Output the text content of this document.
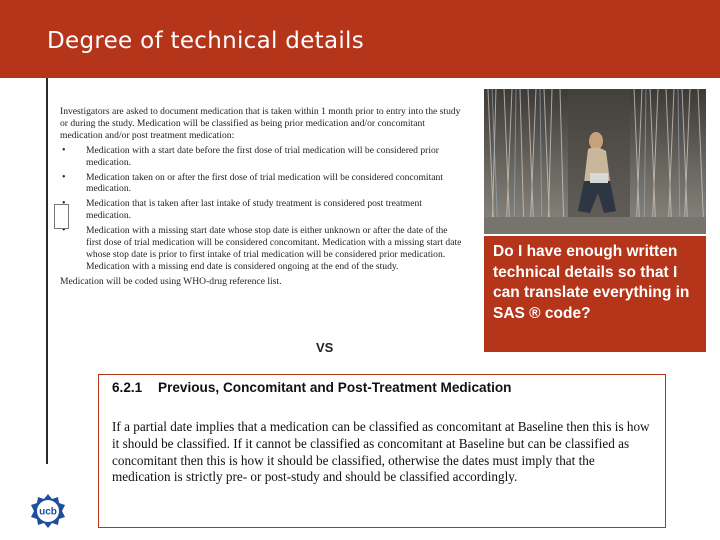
Degree of technical details

Investigators are asked to document medication that is taken within 1 month prior to entry into the study or during the study. Medication will be classified as being prior medication and/or concomitant medication and/or post treatment medication:

• Medication with a start date before the first dose of trial medication will be considered prior medication.
• Medication taken on or after the first dose of trial medication will be considered concomitant medication.
• Medication that is taken after last intake of study treatment is considered post treatment medication.
• Medication with a missing start date whose stop date is either unknown or after the date of the first dose of trial medication will be considered concomitant. Medication with a missing start date whose stop date is prior to first intake of trial medication will be considered prior medication. Medication with a missing end date is considered ongoing at the end of the study.

Medication will be coded using WHO-drug reference list.

VS
Do I have enough written technical details so that I can translate everything in SAS ® code?
6.2.1 Previous, Concomitant and Post-Treatment Medication
If a partial date implies that a medication can be classified as concomitant at Baseline then this is how it should be classified. If it cannot be classified as concomitant at Baseline but can be classified as concomitant then this is how it should be classified, otherwise the dates must imply that the medication is strictly pre- or post-study and should be classified accordingly.
ucb
